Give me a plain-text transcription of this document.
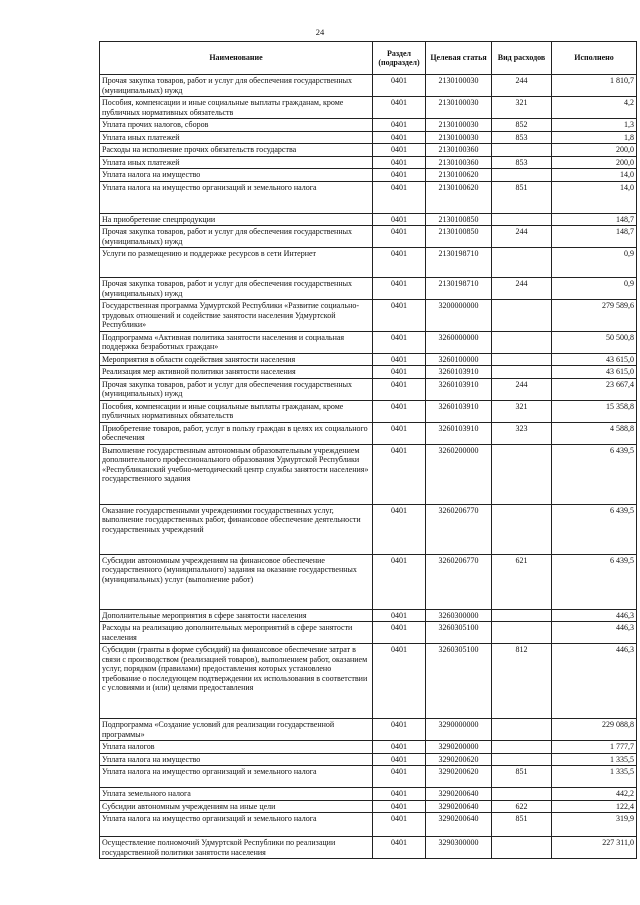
24
Наименование	Раздел (подраздел)	Целевая статья	Вид расходов	Исполнено
Прочая закупка товаров, работ и услуг для обеспечения государственных (муниципальных) нужд	0401	2130100030	244	1 810,7
Пособия, компенсации и иные социальные выплаты гражданам, кроме публичных нормативных обязательств	0401	2130100030	321	4,2
Уплата прочих налогов, сборов	0401	2130100030	852	1,3
Уплата иных платежей	0401	2130100030	853	1,8
Расходы на исполнение прочих обязательств государства	0401	2130100360		200,0
Уплата иных платежей	0401	2130100360	853	200,0
Уплата налога на имущество	0401	2130100620		14,0
Уплата налога на имущество организаций и земельного налога	0401	2130100620	851	14,0
На приобретение спецпродукции	0401	2130100850		148,7
Прочая закупка товаров, работ и услуг для обеспечения государственных (муниципальных) нужд	0401	2130100850	244	148,7
Услуги по размещению и поддержке ресурсов в сети Интернет	0401	2130198710		0,9
Прочая закупка товаров, работ и услуг для обеспечения государственных (муниципальных) нужд	0401	2130198710	244	0,9
Государственная программа Удмуртской Республики «Развитие социально-трудовых отношений и содействие занятости населения Удмуртской Республики»	0401	3200000000		279 589,6
Подпрограмма «Активная политика занятости населения и социальная поддержка безработных граждан»	0401	3260000000		50 500,8
Мероприятия в области содействия занятости населения	0401	3260100000		43 615,0
Реализация мер активной политики занятости населения	0401	3260103910		43 615,0
Прочая закупка товаров, работ и услуг для обеспечения государственных (муниципальных) нужд	0401	3260103910	244	23 667,4
Пособия, компенсации и иные социальные выплаты гражданам, кроме публичных нормативных обязательств	0401	3260103910	321	15 358,8
Приобретение товаров, работ, услуг в пользу граждан в целях их социального обеспечения	0401	3260103910	323	4 588,8
Выполнение государственным автономным образовательным учреждением дополнительного профессионального образования Удмуртской Республики «Республиканский учебно-методический центр службы занятости населения» государственного задания	0401	3260200000		6 439,5
Оказание государственными учреждениями государственных услуг, выполнение государственных работ, финансовое обеспечение деятельности государственных учреждений	0401	3260206770		6 439,5
Субсидии автономным учреждениям на финансовое обеспечение государственного (муниципального) задания на оказание государственных (муниципальных) услуг (выполнение работ)	0401	3260206770	621	6 439,5
Дополнительные мероприятия в сфере занятости населения	0401	3260300000		446,3
Расходы на реализацию дополнительных мероприятий в сфере занятости населения	0401	3260305100		446,3
Субсидии (гранты в форме субсидий) на финансовое обеспечение затрат в связи с производством (реализацией товаров), выполнением работ, оказанием услуг, порядком (правилами) предоставления которых установлено требование о последующем подтверждении их использования в соответствии с условиями и (или) целями предоставления	0401	3260305100	812	446,3
Подпрограмма «Создание условий для реализации государственной программы»	0401	3290000000		229 088,8
Уплата налогов	0401	3290200000		1 777,7
Уплата налога на имущество	0401	3290200620		1 335,5
Уплата налога на имущество организаций и земельного налога	0401	3290200620	851	1 335,5
Уплата земельного налога	0401	3290200640		442,2
Субсидии автономным учреждениям на иные цели	0401	3290200640	622	122,4
Уплата налога на имущество организаций и земельного налога	0401	3290200640	851	319,9
Осуществление полномочий Удмуртской Республики по реализации государственной политики занятости населения	0401	3290300000		227 311,0
